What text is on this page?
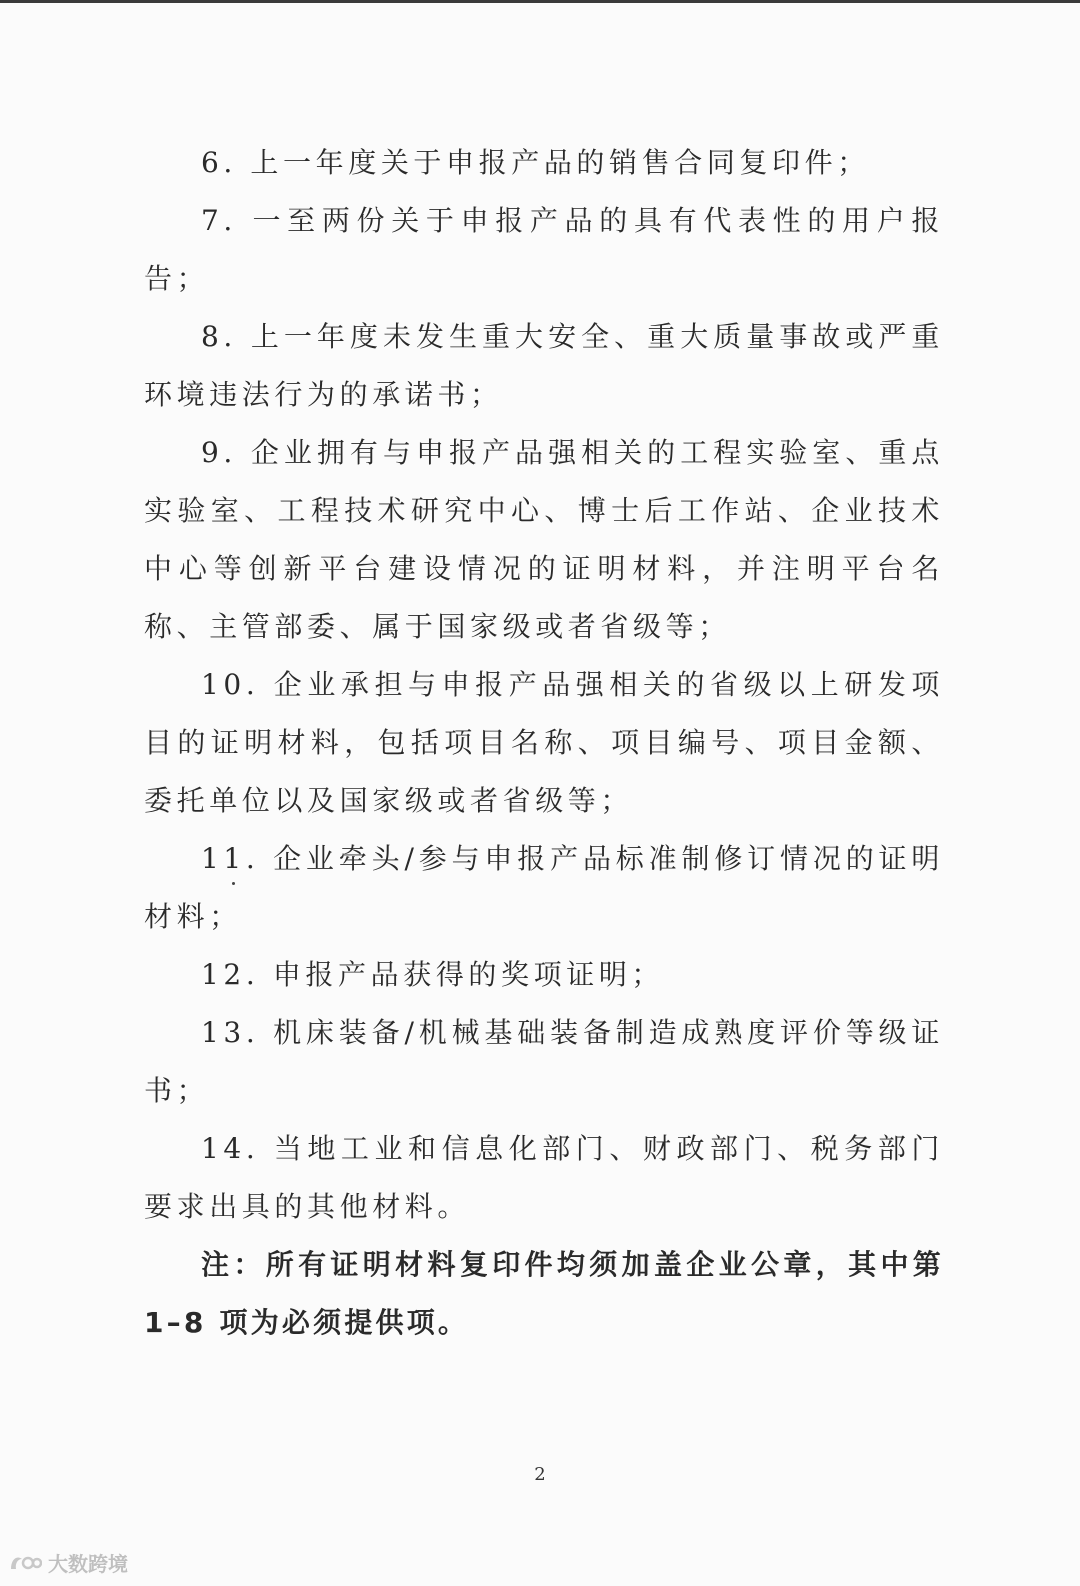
6. 上一年度关于申报产品的销售合同复印件；

7. 一至两份关于申报产品的具有代表性的用户报告；

8. 上一年度未发生重大安全、重大质量事故或严重环境违法行为的承诺书；

9. 企业拥有与申报产品强相关的工程实验室、重点实验室、工程技术研究中心、博士后工作站、企业技术中心等创新平台建设情况的证明材料，并注明平台名称、主管部委、属于国家级或者省级等；

10. 企业承担与申报产品强相关的省级以上研发项目的证明材料，包括项目名称、项目编号、项目金额、委托单位以及国家级或者省级等；

11. 企业牵头/参与申报产品标准制修订情况的证明材料；

12. 申报产品获得的奖项证明；

13. 机床装备/机械基础装备制造成熟度评价等级证书；

14. 当地工业和信息化部门、财政部门、税务部门要求出具的其他材料。

注：所有证明材料复印件均须加盖企业公章，其中第 1–8 项为必须提供项。

2
大数跨境
